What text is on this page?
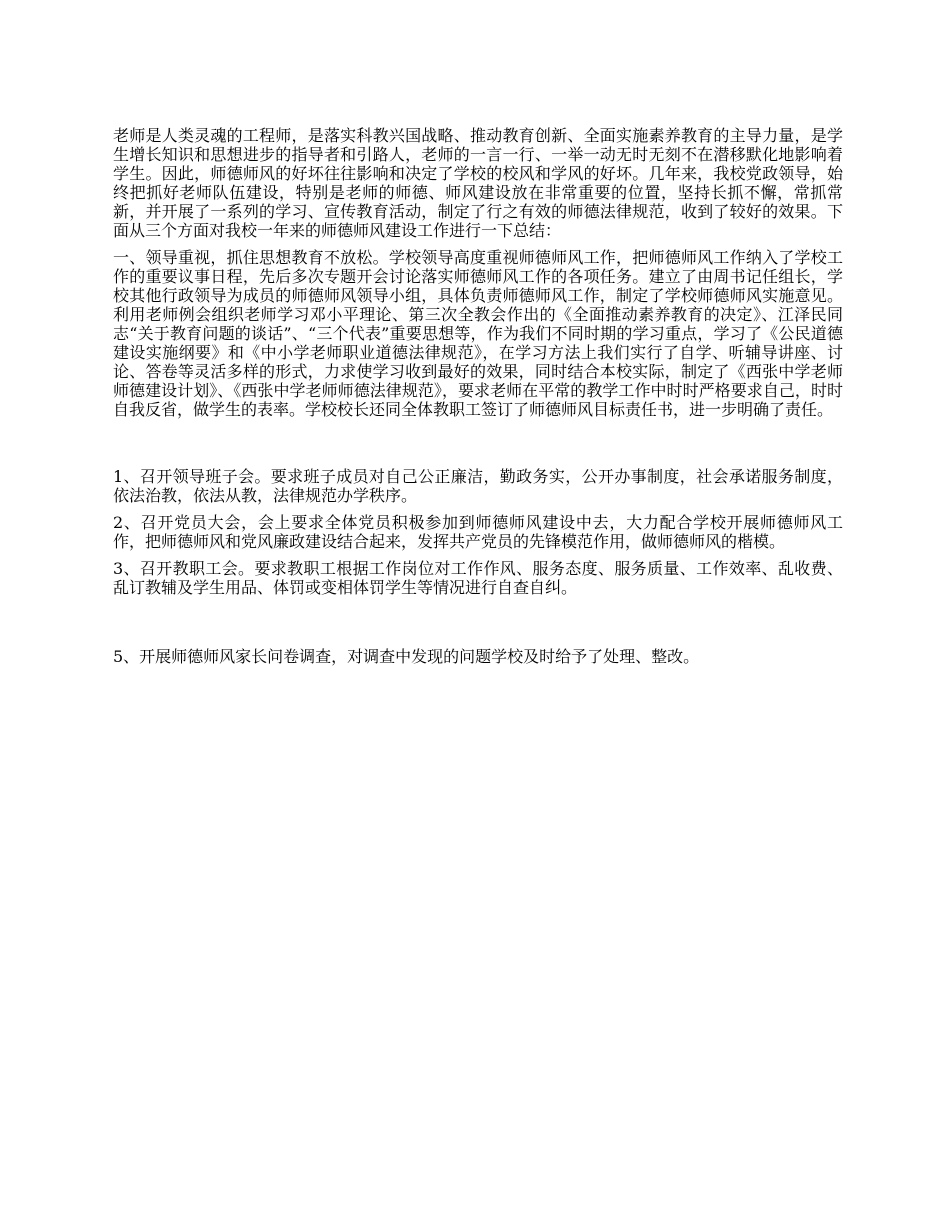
老师是人类灵魂的工程师，是落实科教兴国战略、推动教育创新、全面实施素养教育的主导力量，是学生增长知识和思想进步的指导者和引路人，老师的一言一行、一举一动无时无刻不在潜移默化地影响着学生。因此，师德师风的好坏往往影响和决定了学校的校风和学风的好坏。几年来，我校党政领导，始终把抓好老师队伍建设，特别是老师的师德、师风建设放在非常重要的位置，坚持长抓不懈，常抓常新，并开展了一系列的学习、宣传教育活动，制定了行之有效的师德法律规范，收到了较好的效果。下面从三个方面对我校一年来的师德师风建设工作进行一下总结：

一、领导重视，抓住思想教育不放松。学校领导高度重视师德师风工作，把师德师风工作纳入了学校工作的重要议事日程，先后多次专题开会讨论落实师德师风工作的各项任务。建立了由周书记任组长，学校其他行政领导为成员的师德师风领导小组，具体负责师德师风工作，制定了学校师德师风实施意见。利用老师例会组织老师学习邓小平理论、第三次全教会作出的《全面推动素养教育的决定》、江泽民同志“关于教育问题的谈话”、“三个代表”重要思想等，作为我们不同时期的学习重点，学习了《公民道德建设实施纲要》和《中小学老师职业道德法律规范》，在学习方法上我们实行了自学、听辅导讲座、讨论、答卷等灵活多样的形式，力求使学习收到最好的效果，同时结合本校实际，制定了《西张中学老师师德建设计划》、《西张中学老师师德法律规范》，要求老师在平常的教学工作中时时严格要求自己，时时自我反省，做学生的表率。学校校长还同全体教职工签订了师德师风目标责任书，进一步明确了责任。

1、召开领导班子会。要求班子成员对自己公正廉洁，勤政务实，公开办事制度，社会承诺服务制度，依法治教，依法从教，法律规范办学秩序。

2、召开党员大会，会上要求全体党员积极参加到师德师风建设中去，大力配合学校开展师德师风工作，把师德师风和党风廉政建设结合起来，发挥共产党员的先锋模范作用，做师德师风的楷模。

3、召开教职工会。要求教职工根据工作岗位对工作作风、服务态度、服务质量、工作效率、乱收费、乱订教辅及学生用品、体罚或变相体罚学生等情况进行自查自纠。

5、开展师德师风家长问卷调查，对调查中发现的问题学校及时给予了处理、整改。
